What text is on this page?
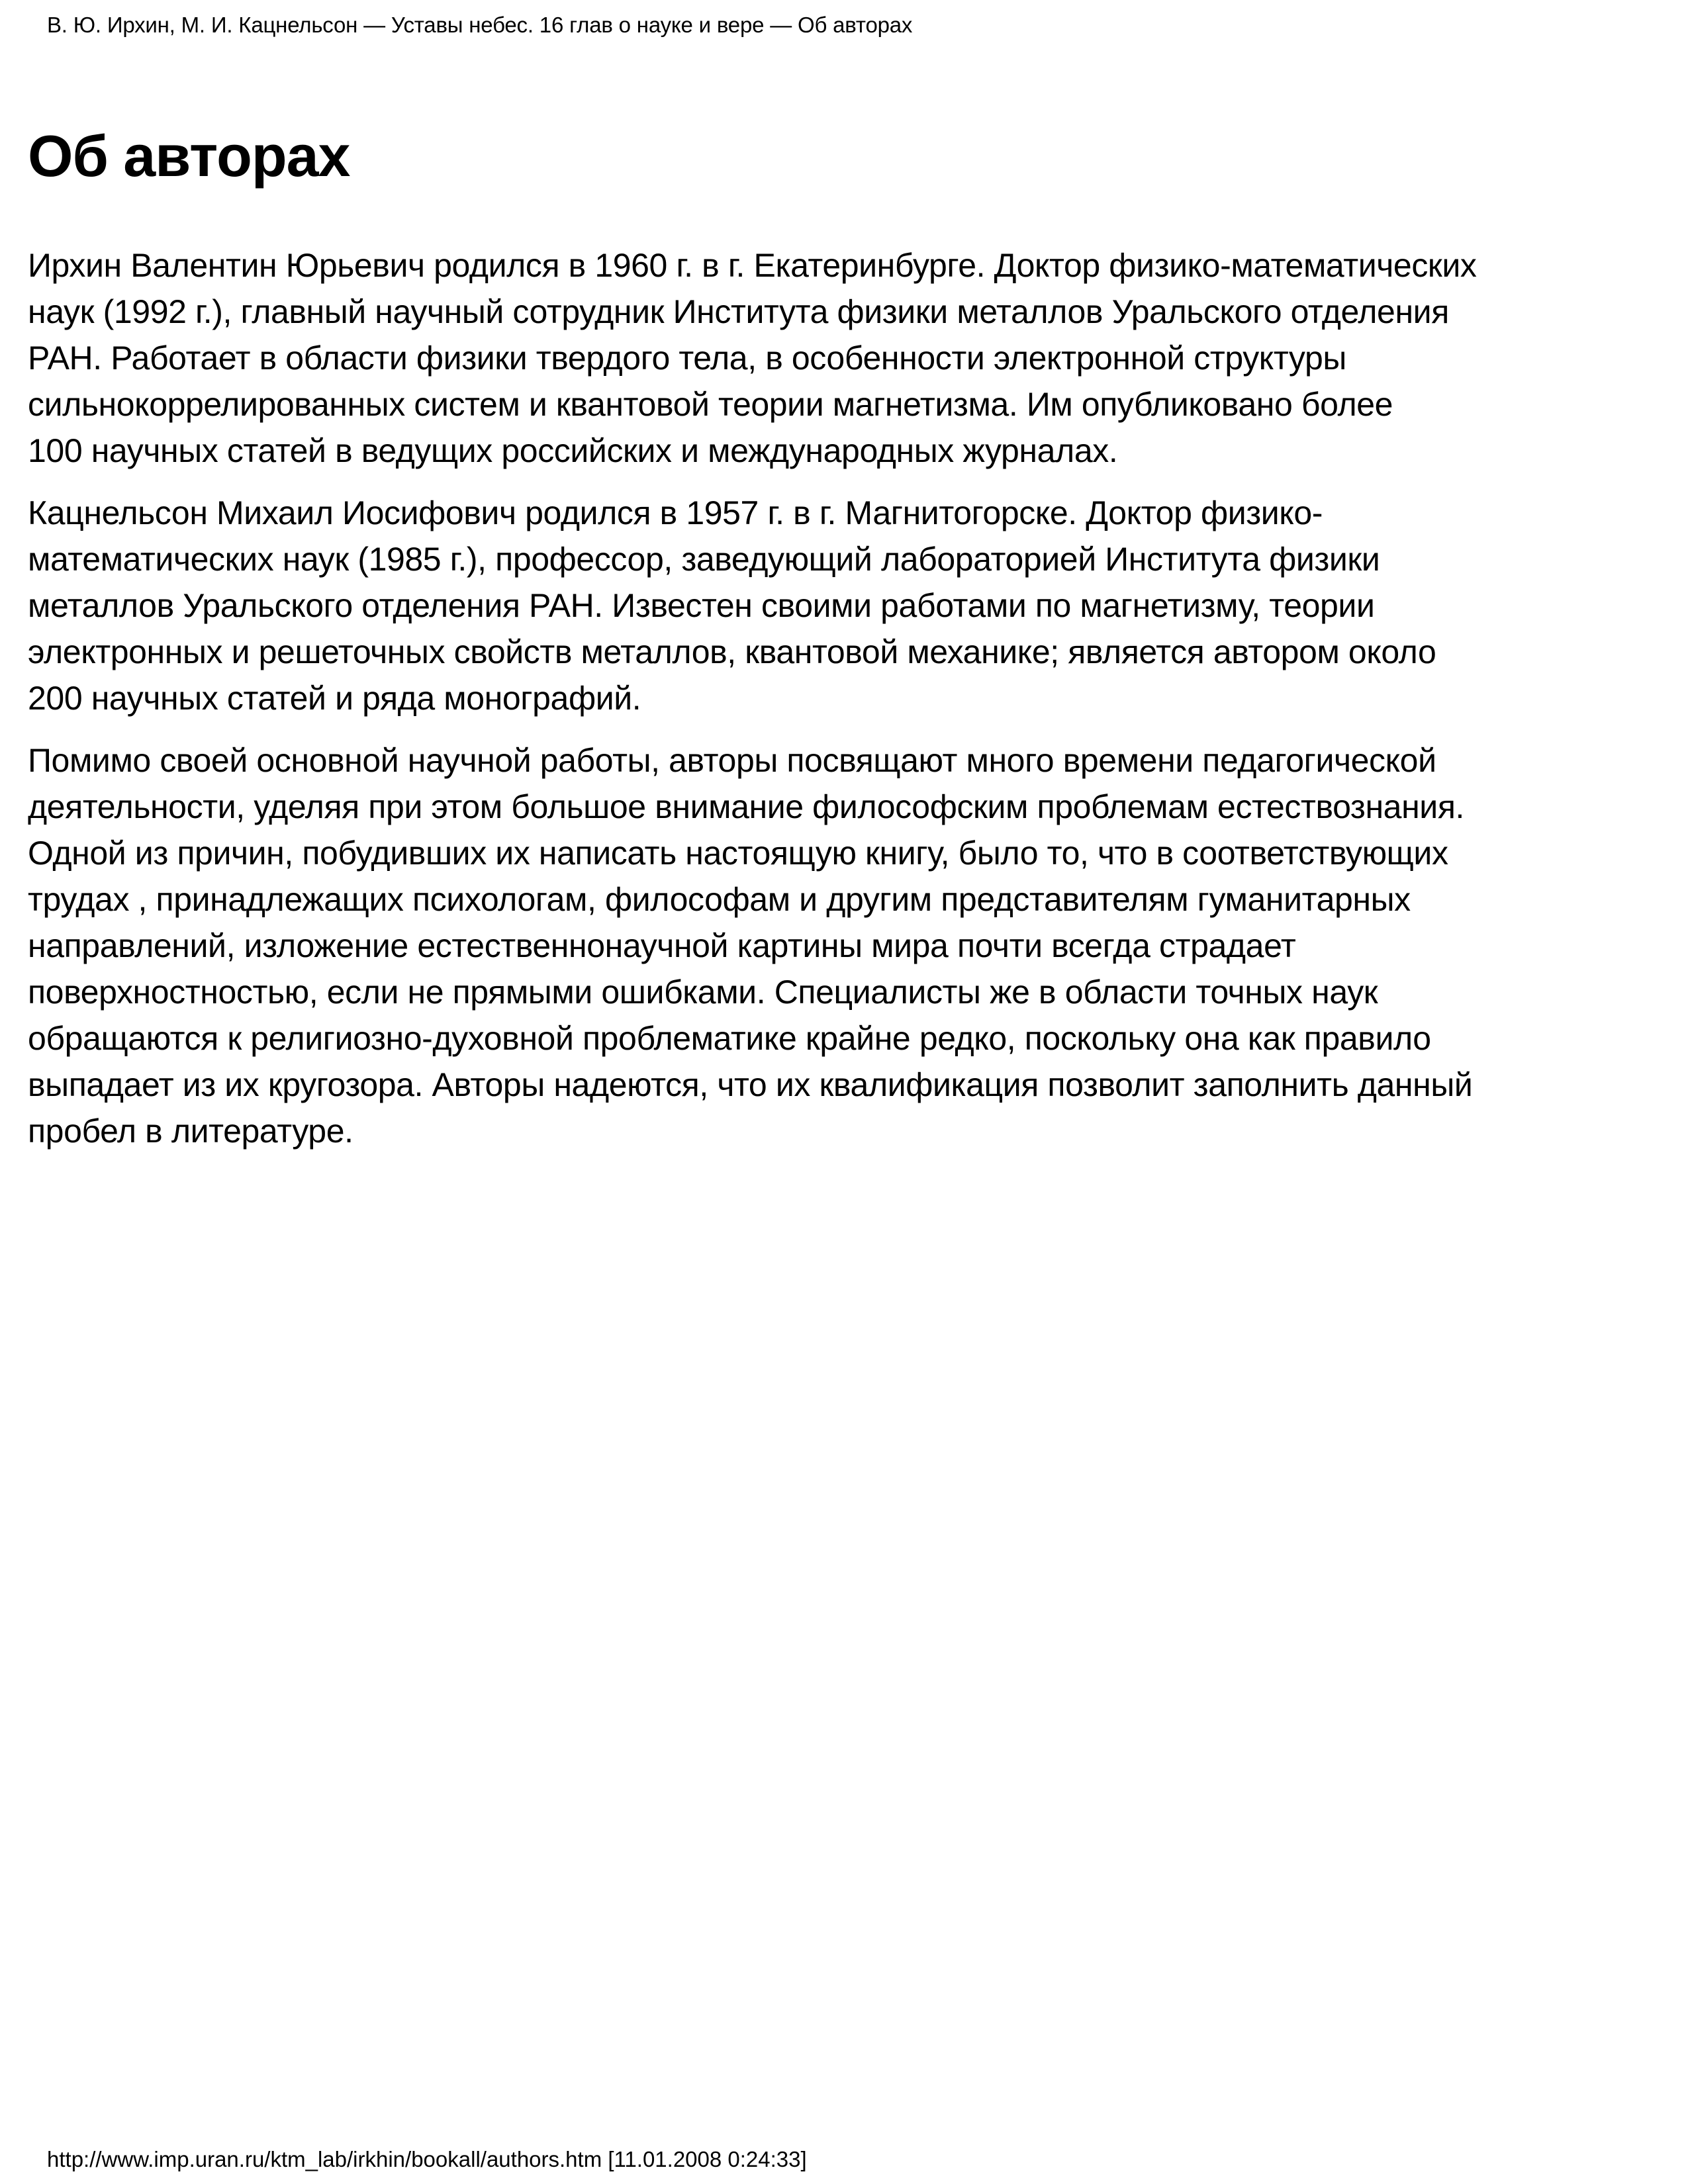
В. Ю. Ирхин, М. И. Кацнельсон — Уставы небес. 16 глав о науке и вере — Об авторах
Об авторах

Ирхин Валентин Юрьевич родился в 1960 г. в г. Екатеринбурге. Доктор физико-математических
наук (1992 г.), главный научный сотрудник Института физики металлов Уральского отделения
РАН. Работает в области физики твердого тела, в особенности электронной структуры
сильнокоррелированных систем и квантовой теории магнетизма. Им опубликовано более
100 научных статей в ведущих российских и международных журналах.

Кацнельсон Михаил Иосифович родился в 1957 г. в г. Магнитогорске. Доктор физико-
математических наук (1985 г.), профессор, заведующий лабораторией Института физики
металлов Уральского отделения РАН. Известен своими работами по магнетизму, теории
электронных и решеточных свойств металлов, квантовой механике; является автором около
200 научных статей и ряда монографий.

Помимо своей основной научной работы, авторы посвящают много времени педагогической
деятельности, уделяя при этом большое внимание философским проблемам естествознания.
Одной из причин, побудивших их написать настоящую книгу, было то, что в соответствующих
трудах , принадлежащих психологам, философам и другим представителям гуманитарных
направлений, изложение естественнонаучной картины мира почти всегда страдает
поверхностностью, если не прямыми ошибками. Специалисты же в области точных наук
обращаются к религиозно-духовной проблематике крайне редко, поскольку она как правило
выпадает из их кругозора. Авторы надеются, что их квалификация позволит заполнить данный
пробел в литературе.

http://www.imp.uran.ru/ktm_lab/irkhin/bookall/authors.htm [11.01.2008 0:24:33]
